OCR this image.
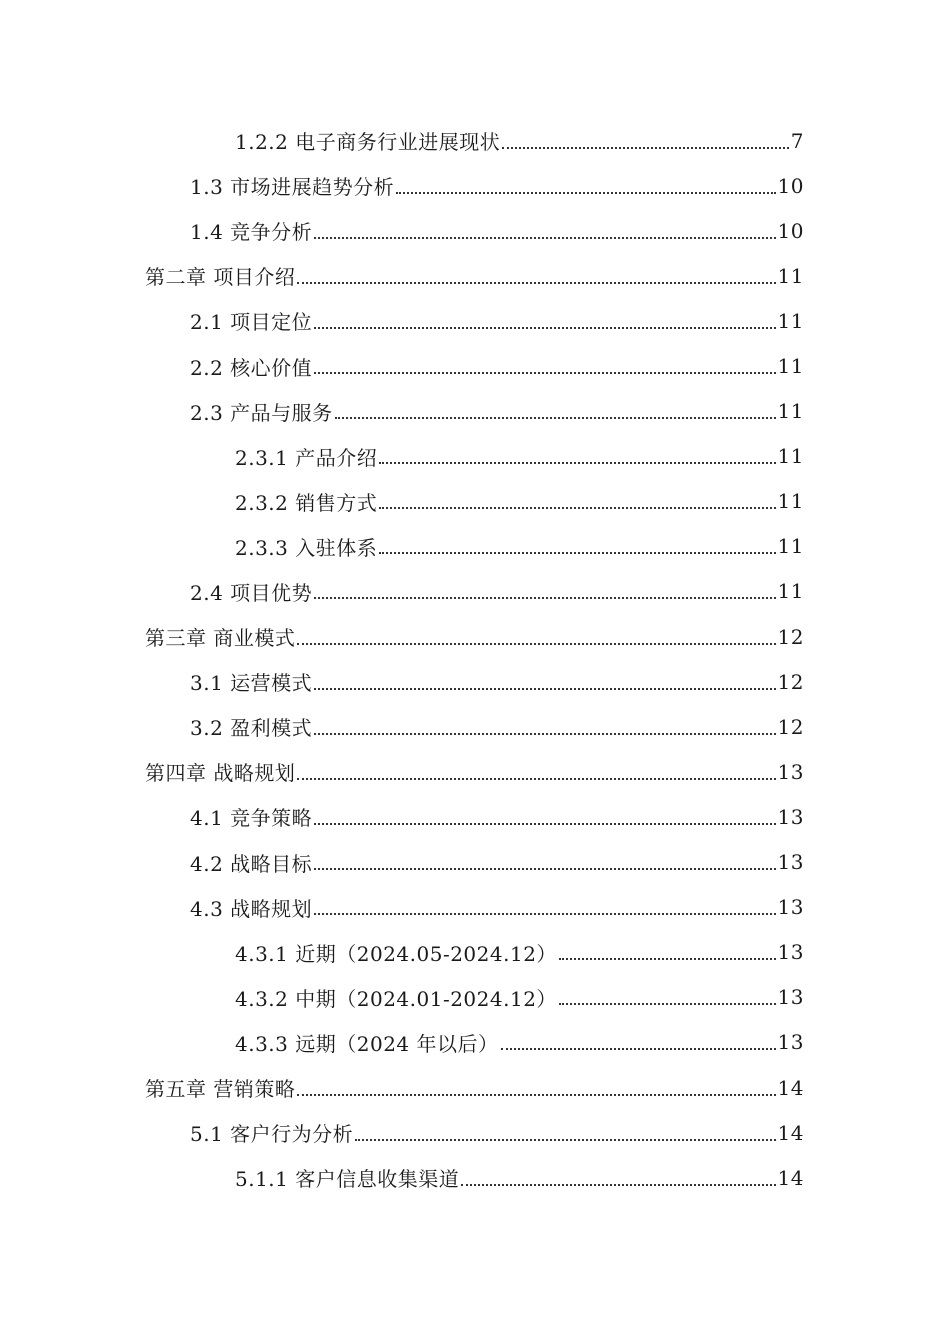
1.2.2 电子商务行业进展现状	7
1.3 市场进展趋势分析	10
1.4 竞争分析	10
第二章 项目介绍	11
2.1 项目定位	11
2.2 核心价值	11
2.3 产品与服务	11
2.3.1 产品介绍	11
2.3.2 销售方式	11
2.3.3 入驻体系	11
2.4 项目优势	11
第三章 商业模式	12
3.1 运营模式	12
3.2 盈利模式	12
第四章 战略规划	13
4.1 竞争策略	13
4.2 战略目标	13
4.3 战略规划	13
4.3.1 近期（2024.05-2024.12）	13
4.3.2 中期（2024.01-2024.12）	13
4.3.3 远期（2024 年以后）	13
第五章 营销策略	14
5.1 客户行为分析	14
5.1.1 客户信息收集渠道	14
